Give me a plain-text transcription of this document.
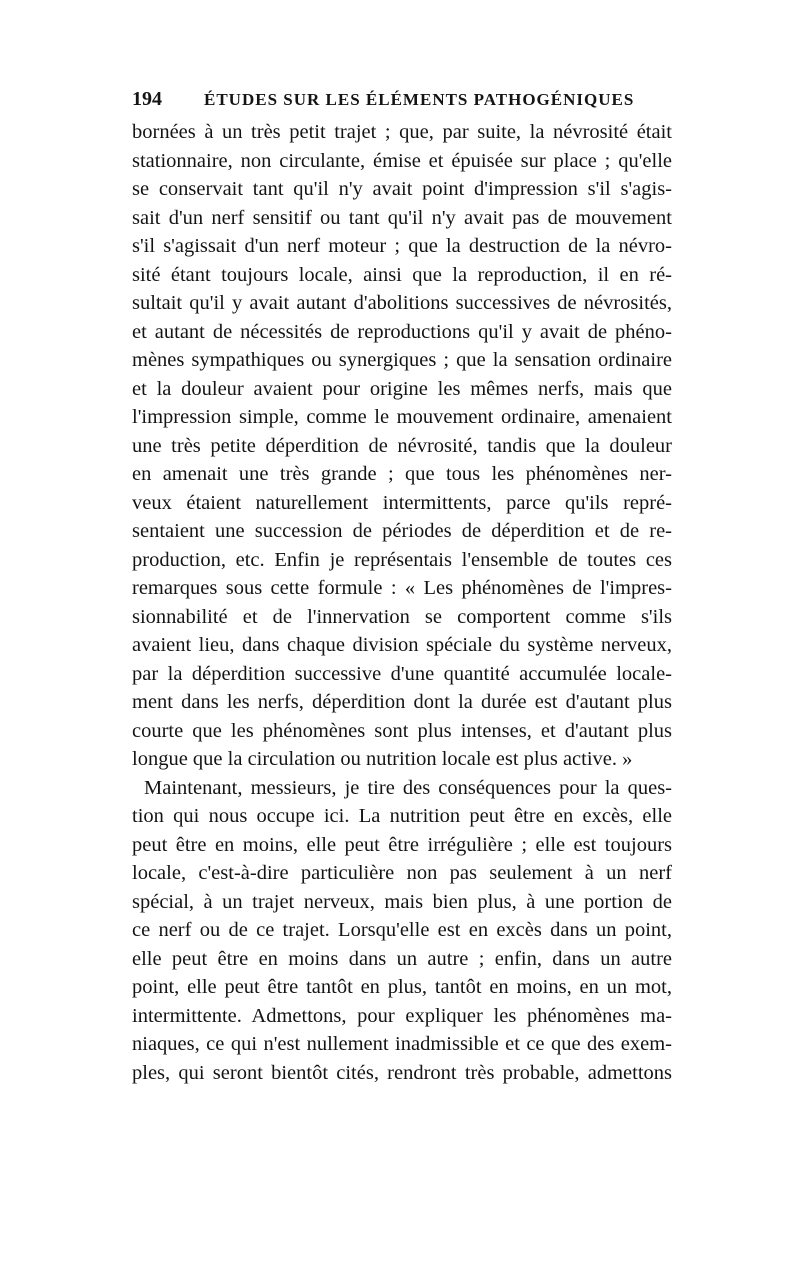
194 ÉTUDES SUR LES ÉLÉMENTS PATHOGÉNIQUES
bornées à un très petit trajet ; que, par suite, la névrosité était
stationnaire, non circulante, émise et épuisée sur place ; qu'elle
se conservait tant qu'il n'y avait point d'impression s'il s'agis-
sait d'un nerf sensitif ou tant qu'il n'y avait pas de mouvement
s'il s'agissait d'un nerf moteur ; que la destruction de la névro-
sité étant toujours locale, ainsi que la reproduction, il en ré-
sultait qu'il y avait autant d'abolitions successives de névrosités,
et autant de nécessités de reproductions qu'il y avait de phéno-
mènes sympathiques ou synergiques ; que la sensation ordinaire
et la douleur avaient pour origine les mêmes nerfs, mais que
l'impression simple, comme le mouvement ordinaire, amenaient
une très petite déperdition de névrosité, tandis que la douleur
en amenait une très grande ; que tous les phénomènes ner-
veux étaient naturellement intermittents, parce qu'ils repré-
sentaient une succession de périodes de déperdition et de re-
production, etc. Enfin je représentais l'ensemble de toutes ces
remarques sous cette formule : « Les phénomènes de l'impres-
sionnabilité et de l'innervation se comportent comme s'ils
avaient lieu, dans chaque division spéciale du système nerveux,
par la déperdition successive d'une quantité accumulée locale-
ment dans les nerfs, déperdition dont la durée est d'autant plus
courte que les phénomènes sont plus intenses, et d'autant plus
longue que la circulation ou nutrition locale est plus active. »
Maintenant, messieurs, je tire des conséquences pour la ques-
tion qui nous occupe ici. La nutrition peut être en excès, elle
peut être en moins, elle peut être irrégulière ; elle est toujours
locale, c'est-à-dire particulière non pas seulement à un nerf
spécial, à un trajet nerveux, mais bien plus, à une portion de
ce nerf ou de ce trajet. Lorsqu'elle est en excès dans un point,
elle peut être en moins dans un autre ; enfin, dans un autre
point, elle peut être tantôt en plus, tantôt en moins, en un mot,
intermittente. Admettons, pour expliquer les phénomènes ma-
niaques, ce qui n'est nullement inadmissible et ce que des exem-
ples, qui seront bientôt cités, rendront très probable, admettons
